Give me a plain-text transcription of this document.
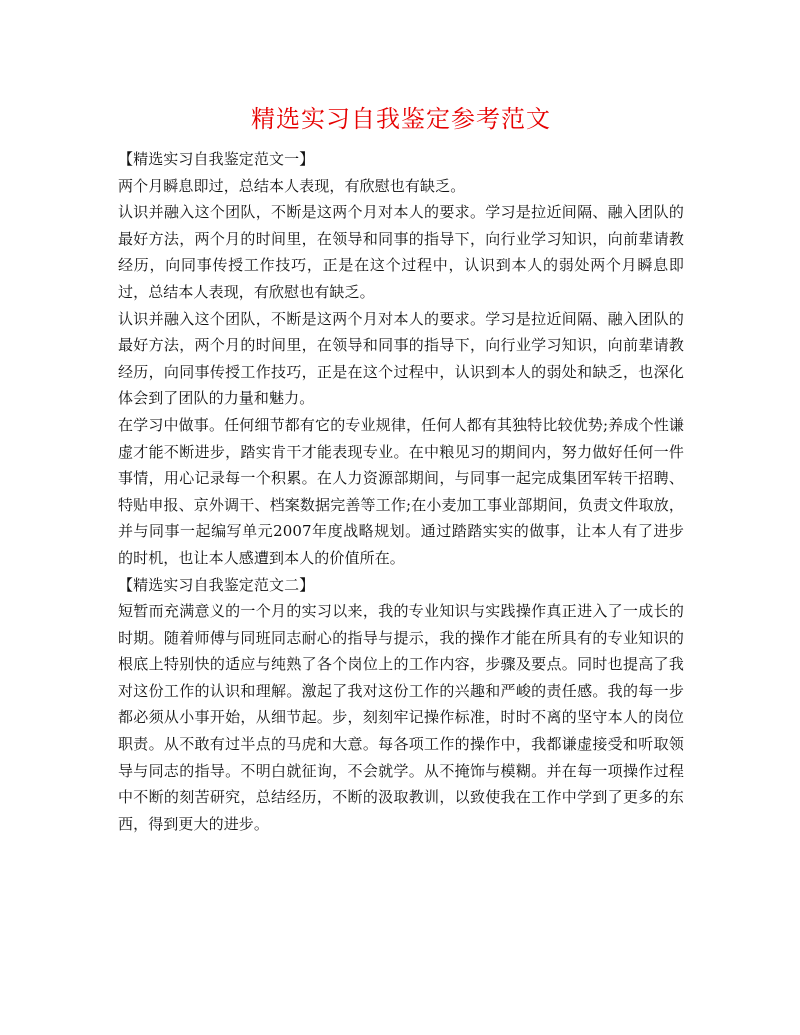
精选实习自我鉴定参考范文

【精选实习自我鉴定范文一】

两个月瞬息即过，总结本人表现，有欣慰也有缺乏。

认识并融入这个团队，不断是这两个月对本人的要求。学习是拉近间隔、融入团队的最好方法，两个月的时间里，在领导和同事的指导下，向行业学习知识，向前辈请教经历，向同事传授工作技巧，正是在这个过程中，认识到本人的弱处两个月瞬息即过，总结本人表现，有欣慰也有缺乏。

认识并融入这个团队，不断是这两个月对本人的要求。学习是拉近间隔、融入团队的最好方法，两个月的时间里，在领导和同事的指导下，向行业学习知识，向前辈请教经历，向同事传授工作技巧，正是在这个过程中，认识到本人的弱处和缺乏，也深化体会到了团队的力量和魅力。

在学习中做事。任何细节都有它的专业规律，任何人都有其独特比较优势;养成个性谦虚才能不断进步，踏实肯干才能表现专业。在中粮见习的期间内，努力做好任何一件事情，用心记录每一个积累。在人力资源部期间，与同事一起完成集团军转干招聘、特贴申报、京外调干、档案数据完善等工作;在小麦加工事业部期间，负责文件取放，并与同事一起编写单元2007年度战略规划。通过踏踏实实的做事，让本人有了进步的时机，也让本人感遭到本人的价值所在。

【精选实习自我鉴定范文二】

短暂而充满意义的一个月的实习以来，我的专业知识与实践操作真正进入了一成长的时期。随着师傅与同班同志耐心的指导与提示，我的操作才能在所具有的专业知识的根底上特别快的适应与纯熟了各个岗位上的工作内容，步骤及要点。同时也提高了我对这份工作的认识和理解。激起了我对这份工作的兴趣和严峻的责任感。我的每一步都必须从小事开始，从细节起。步，刻刻牢记操作标准，时时不离的坚守本人的岗位职责。从不敢有过半点的马虎和大意。每各项工作的操作中，我都谦虚接受和听取领导与同志的指导。不明白就征询，不会就学。从不掩饰与模糊。并在每一项操作过程中不断的刻苦研究，总结经历，不断的汲取教训，以致使我在工作中学到了更多的东西，得到更大的进步。
